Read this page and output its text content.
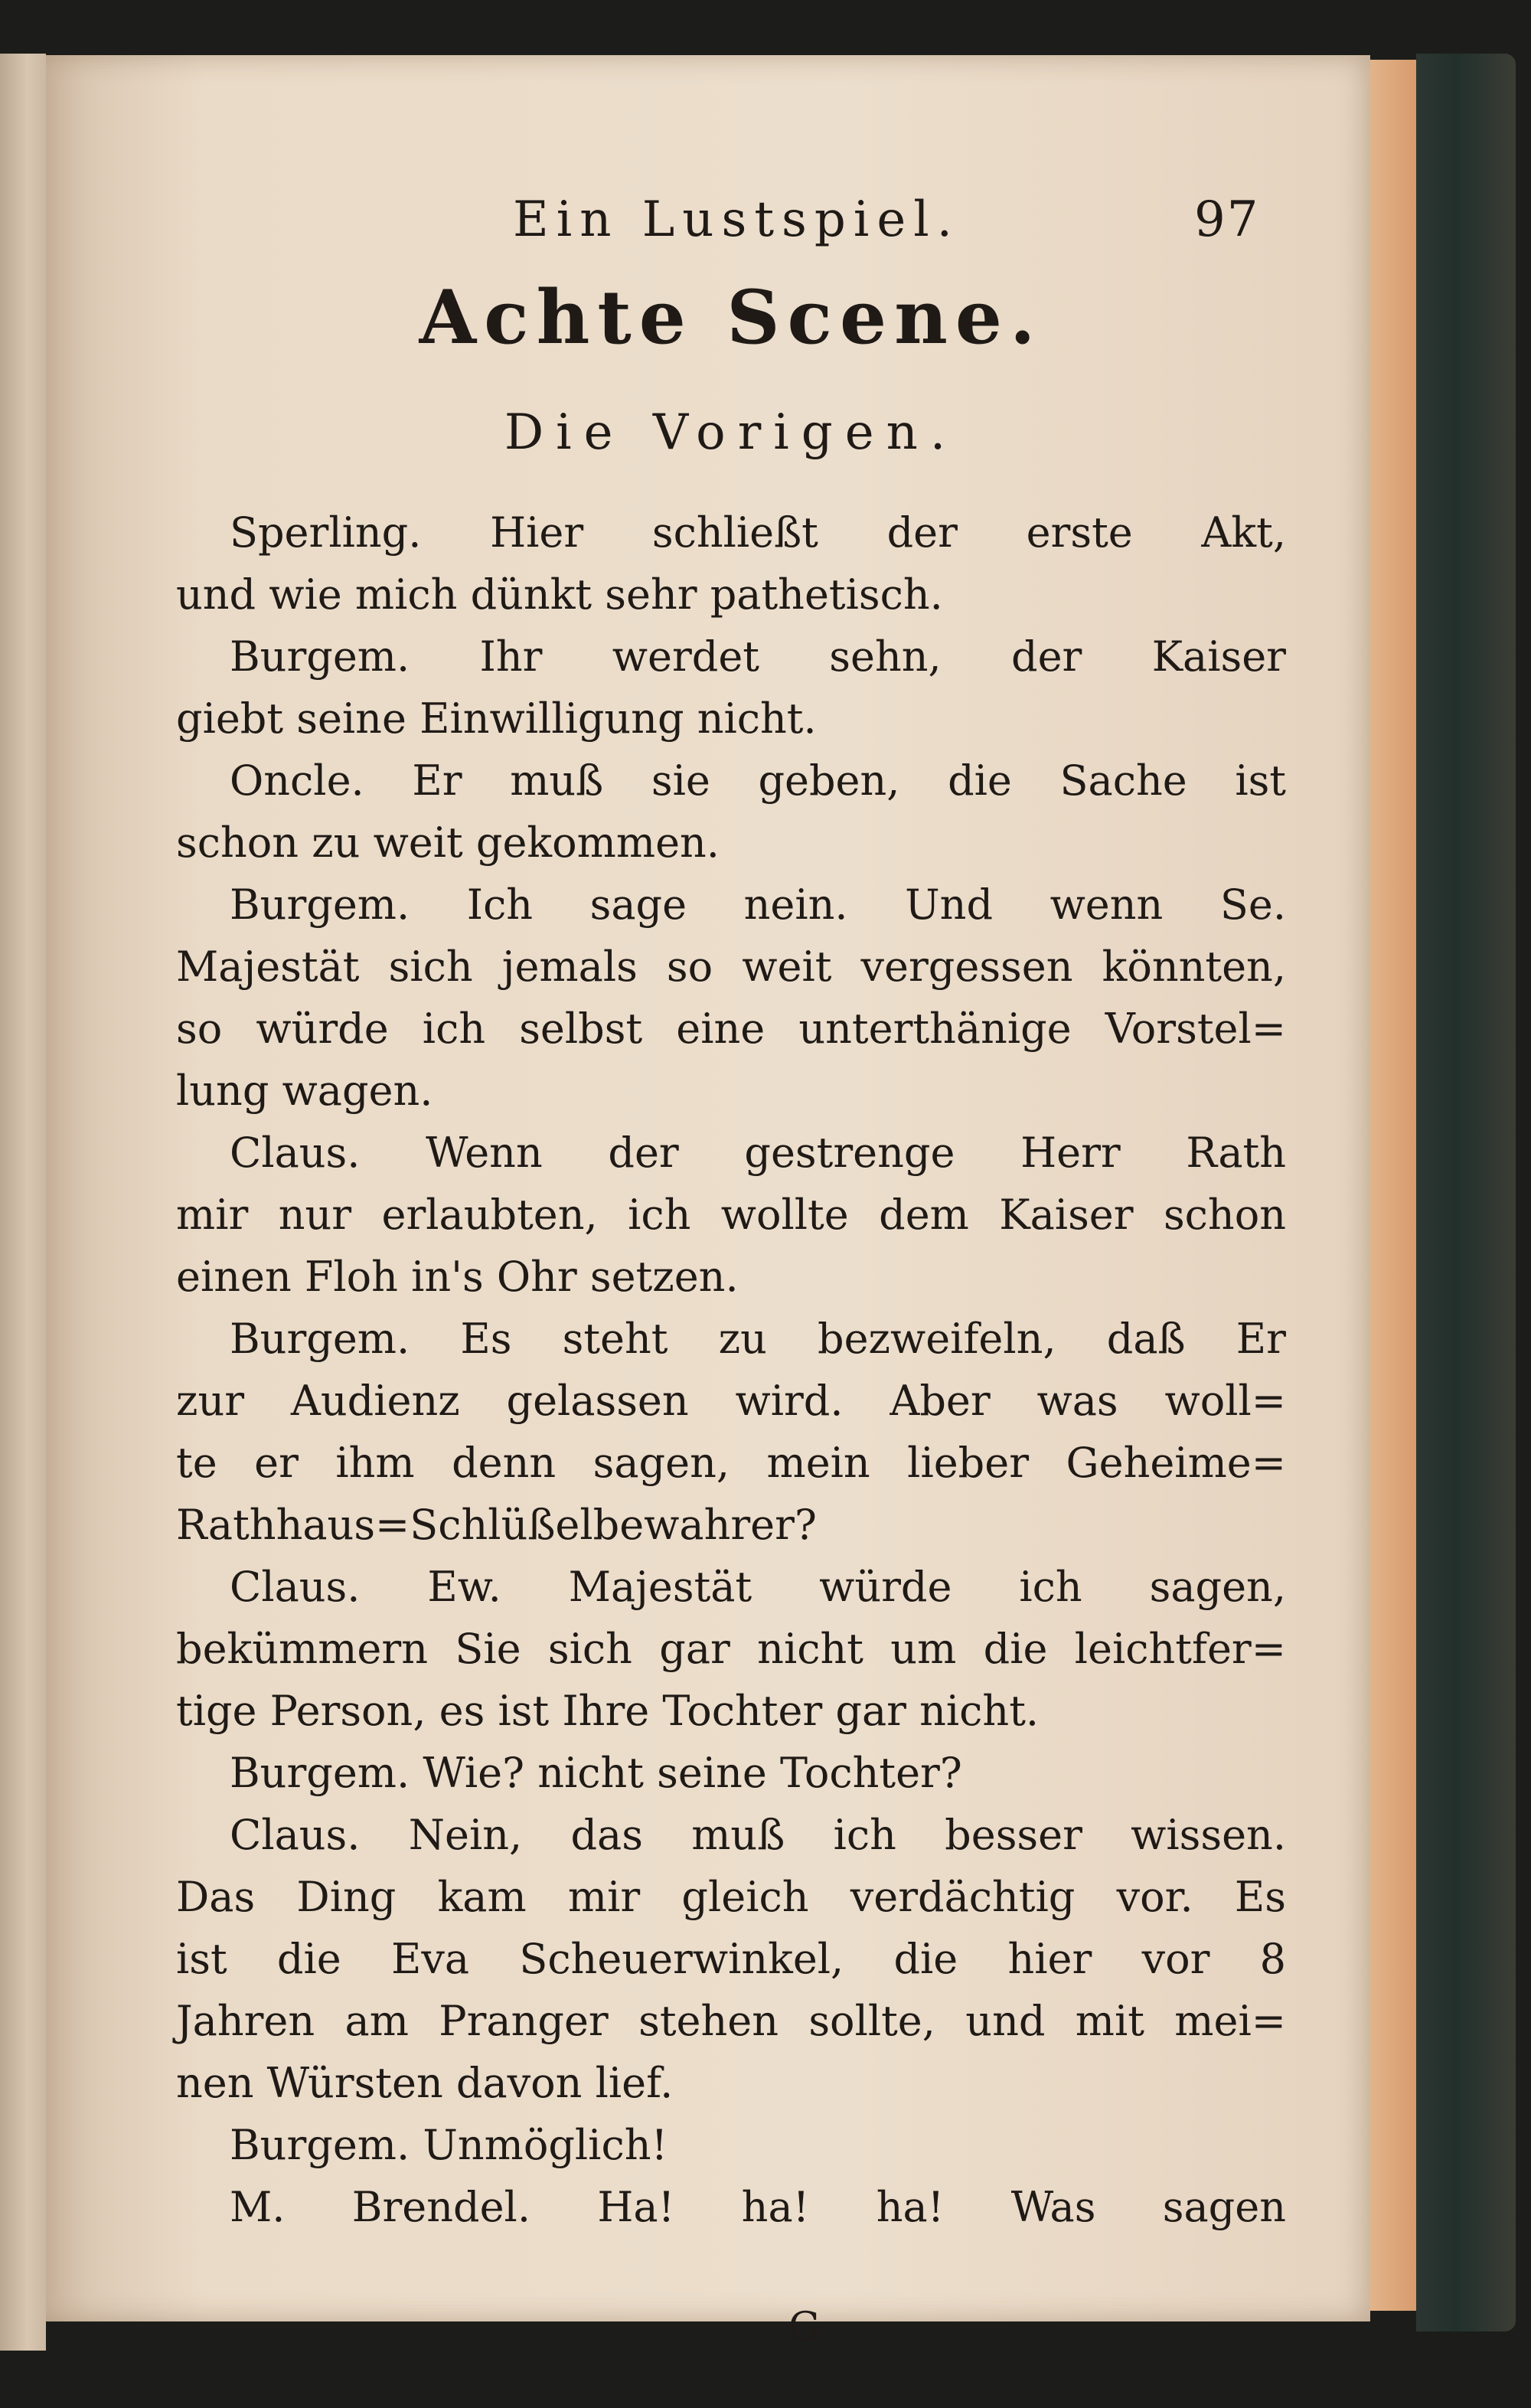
Ein Lustspiel.	97
Achte Scene.
Die Vorigen.
Sperling. Hier schließt der erste Akt,
und wie mich dünkt sehr pathetisch.
Burgem. Ihr werdet sehn, der Kaiser
giebt seine Einwilligung nicht.
Oncle. Er muß sie geben, die Sache ist
schon zu weit gekommen.
Burgem. Ich sage nein. Und wenn Se.
Majestät sich jemals so weit vergessen könnten,
so würde ich selbst eine unterthänige Vorstel=
lung wagen.
Claus. Wenn der gestrenge Herr Rath
mir nur erlaubten, ich wollte dem Kaiser schon
einen Floh in's Ohr setzen.
Burgem. Es steht zu bezweifeln, daß Er
zur Audienz gelassen wird. Aber was woll=
te er ihm denn sagen, mein lieber Geheime=
Rathhaus=Schlüßelbewahrer?
Claus. Ew. Majestät würde ich sagen,
bekümmern Sie sich gar nicht um die leichtfer=
tige Person, es ist Ihre Tochter gar nicht.
Burgem. Wie? nicht seine Tochter?
Claus. Nein, das muß ich besser wissen.
Das Ding kam mir gleich verdächtig vor. Es
ist die Eva Scheuerwinkel, die hier vor 8
Jahren am Pranger stehen sollte, und mit mei=
nen Würsten davon lief.
Burgem. Unmöglich!
M. Brendel. Ha! ha! ha! Was sagen
G
